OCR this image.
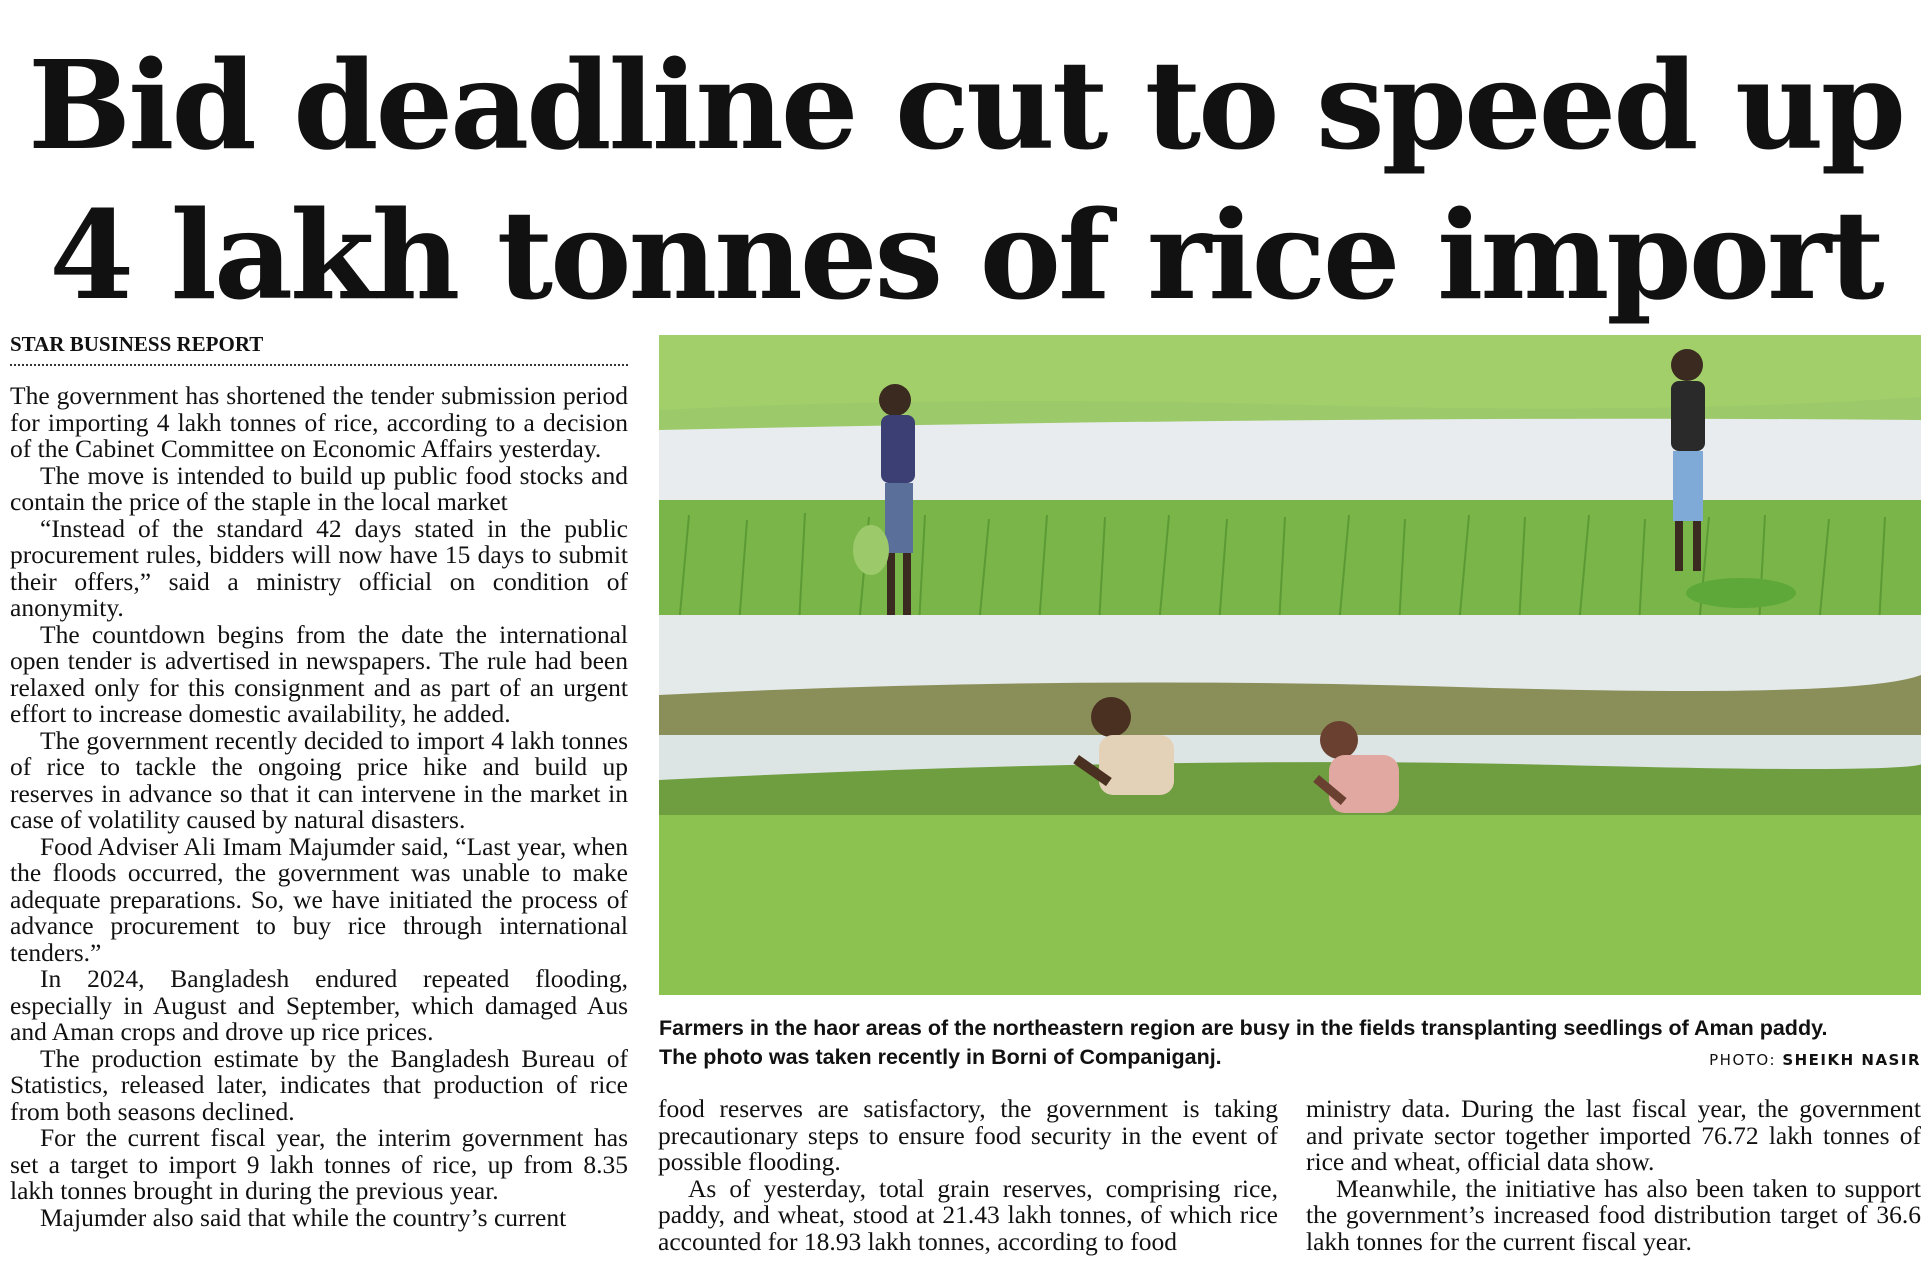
Bid deadline cut to speed up
4 lakh tonnes of rice import
STAR BUSINESS REPORT

The government has shortened the tender submission period for importing 4 lakh tonnes of rice, according to a decision of the Cabinet Committee on Economic Affairs yesterday.

The move is intended to build up public food stocks and contain the price of the staple in the local market

“Instead of the standard 42 days stated in the public procurement rules, bidders will now have 15 days to submit their offers,” said a ministry official on condition of anonymity.

The countdown begins from the date the international open tender is advertised in newspapers. The rule had been relaxed only for this consignment and as part of an urgent effort to increase domestic availability, he added.

The government recently decided to import 4 lakh tonnes of rice to tackle the ongoing price hike and build up reserves in advance so that it can intervene in the market in case of volatility caused by natural disasters.

Food Adviser Ali Imam Majumder said, “Last year, when the floods occurred, the government was unable to make adequate preparations. So, we have initiated the process of advance procurement to buy rice through international tenders.”

In 2024, Bangladesh endured repeated flooding, especially in August and September, which damaged Aus and Aman crops and drove up rice prices.

The production estimate by the Bangladesh Bureau of Statistics, released later, indicates that production of rice from both seasons declined.

For the current fiscal year, the interim government has set a target to import 9 lakh tonnes of rice, up from 8.35 lakh tonnes brought in during the previous year.

Majumder also said that while the country’s current

Farmers in the haor areas of the northeastern region are busy in the fields transplanting seedlings of Aman paddy.
The photo was taken recently in Borni of Companiganj.	PHOTO: SHEIKH NASIR

food reserves are satisfactory, the government is taking precautionary steps to ensure food security in the event of possible flooding.

As of yesterday, total grain reserves, comprising rice, paddy, and wheat, stood at 21.43 lakh tonnes, of which rice accounted for 18.93 lakh tonnes, according to food

ministry data. During the last fiscal year, the government and private sector together imported 76.72 lakh tonnes of rice and wheat, official data show.

Meanwhile, the initiative has also been taken to support the government’s increased food distribution target of 36.6 lakh tonnes for the current fiscal year.
